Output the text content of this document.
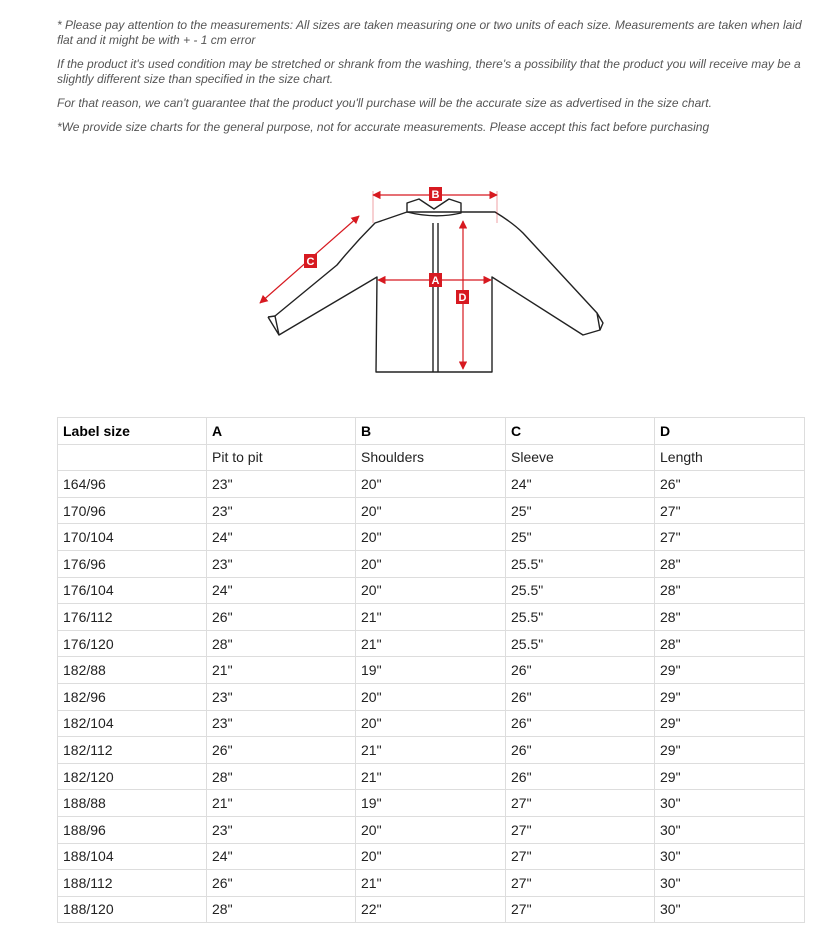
* Please pay attention to the measurements: All sizes are taken measuring one or two units of each size. Measurements are taken when laid flat and it might be with + - 1 cm error

If the product it's used condition may be stretched or shrank from the washing, there's a possibility that the product you will receive may be a slightly different size than specified in the size chart.

For that reason, we can't guarantee that the product you'll purchase will be the accurate size as advertised in the size chart.

*We provide size charts for the general purpose, not for accurate measurements. Please accept this fact before purchasing

B
A
C
D
Label size	A	B	C	D
	Pit to pit	Shoulders	Sleeve	Length
164/96	23"	20"	24"	26"
170/96	23"	20"	25"	27"
170/104	24"	20"	25"	27"
176/96	23"	20"	25.5"	28"
176/104	24"	20"	25.5"	28"
176/112	26"	21"	25.5"	28"
176/120	28"	21"	25.5"	28"
182/88	21"	19"	26"	29"
182/96	23"	20"	26"	29"
182/104	23"	20"	26"	29"
182/112	26"	21"	26"	29"
182/120	28"	21"	26"	29"
188/88	21"	19"	27"	30"
188/96	23"	20"	27"	30"
188/104	24"	20"	27"	30"
188/112	26"	21"	27"	30"
188/120	28"	22"	27"	30"
